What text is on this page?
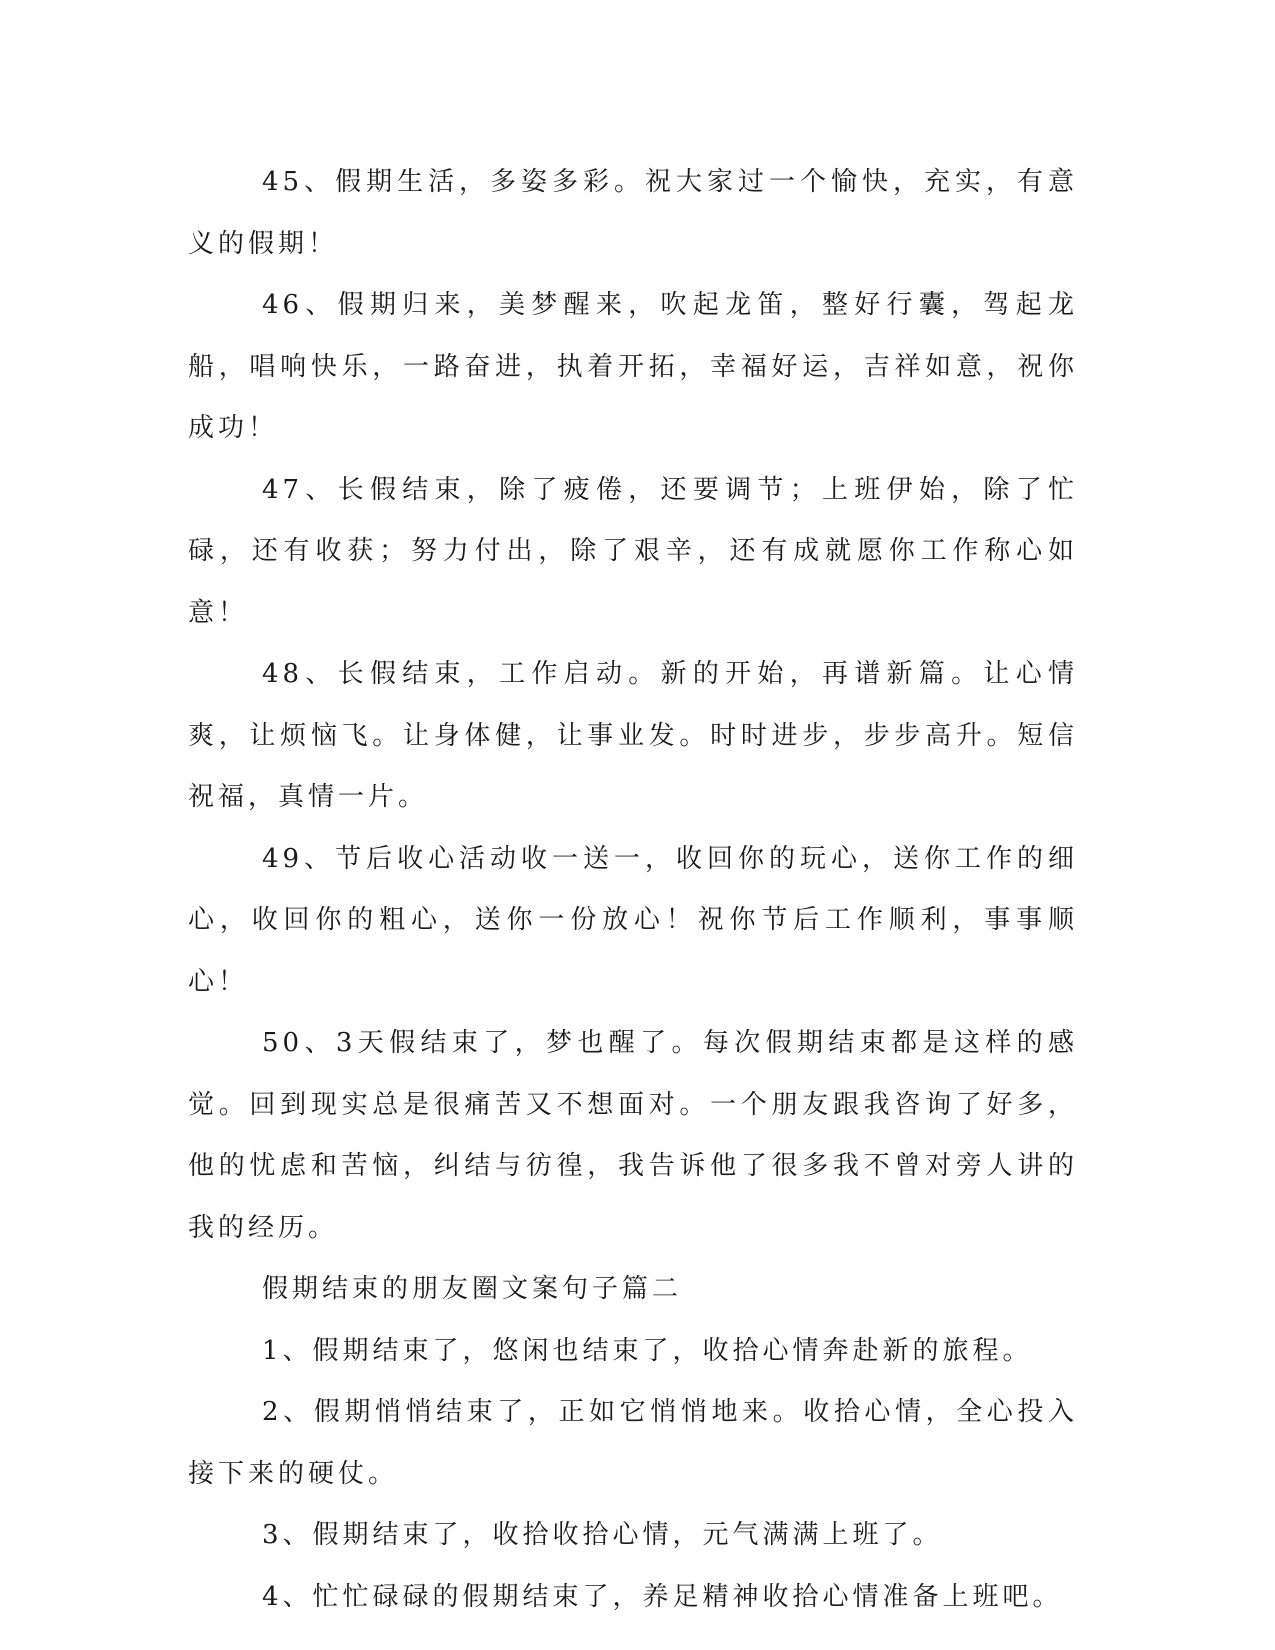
45、假期生活，多姿多彩。祝大家过一个愉快，充实，有意义的假期！

46、假期归来，美梦醒来，吹起龙笛，整好行囊，驾起龙船，唱响快乐，一路奋进，执着开拓，幸福好运，吉祥如意，祝你成功！

47、长假结束，除了疲倦，还要调节；上班伊始，除了忙碌，还有收获；努力付出，除了艰辛，还有成就愿你工作称心如意！

48、长假结束，工作启动。新的开始，再谱新篇。让心情爽，让烦恼飞。让身体健，让事业发。时时进步，步步高升。短信祝福，真情一片。

49、节后收心活动收一送一，收回你的玩心，送你工作的细心，收回你的粗心，送你一份放心！祝你节后工作顺利，事事顺心！

50、3天假结束了，梦也醒了。每次假期结束都是这样的感觉。回到现实总是很痛苦又不想面对。一个朋友跟我咨询了好多，他的忧虑和苦恼，纠结与彷徨，我告诉他了很多我不曾对旁人讲的我的经历。

假期结束的朋友圈文案句子篇二

1、假期结束了，悠闲也结束了，收拾心情奔赴新的旅程。

2、假期悄悄结束了，正如它悄悄地来。收拾心情，全心投入接下来的硬仗。

3、假期结束了，收拾收拾心情，元气满满上班了。

4、忙忙碌碌的假期结束了，养足精神收拾心情准备上班吧。
